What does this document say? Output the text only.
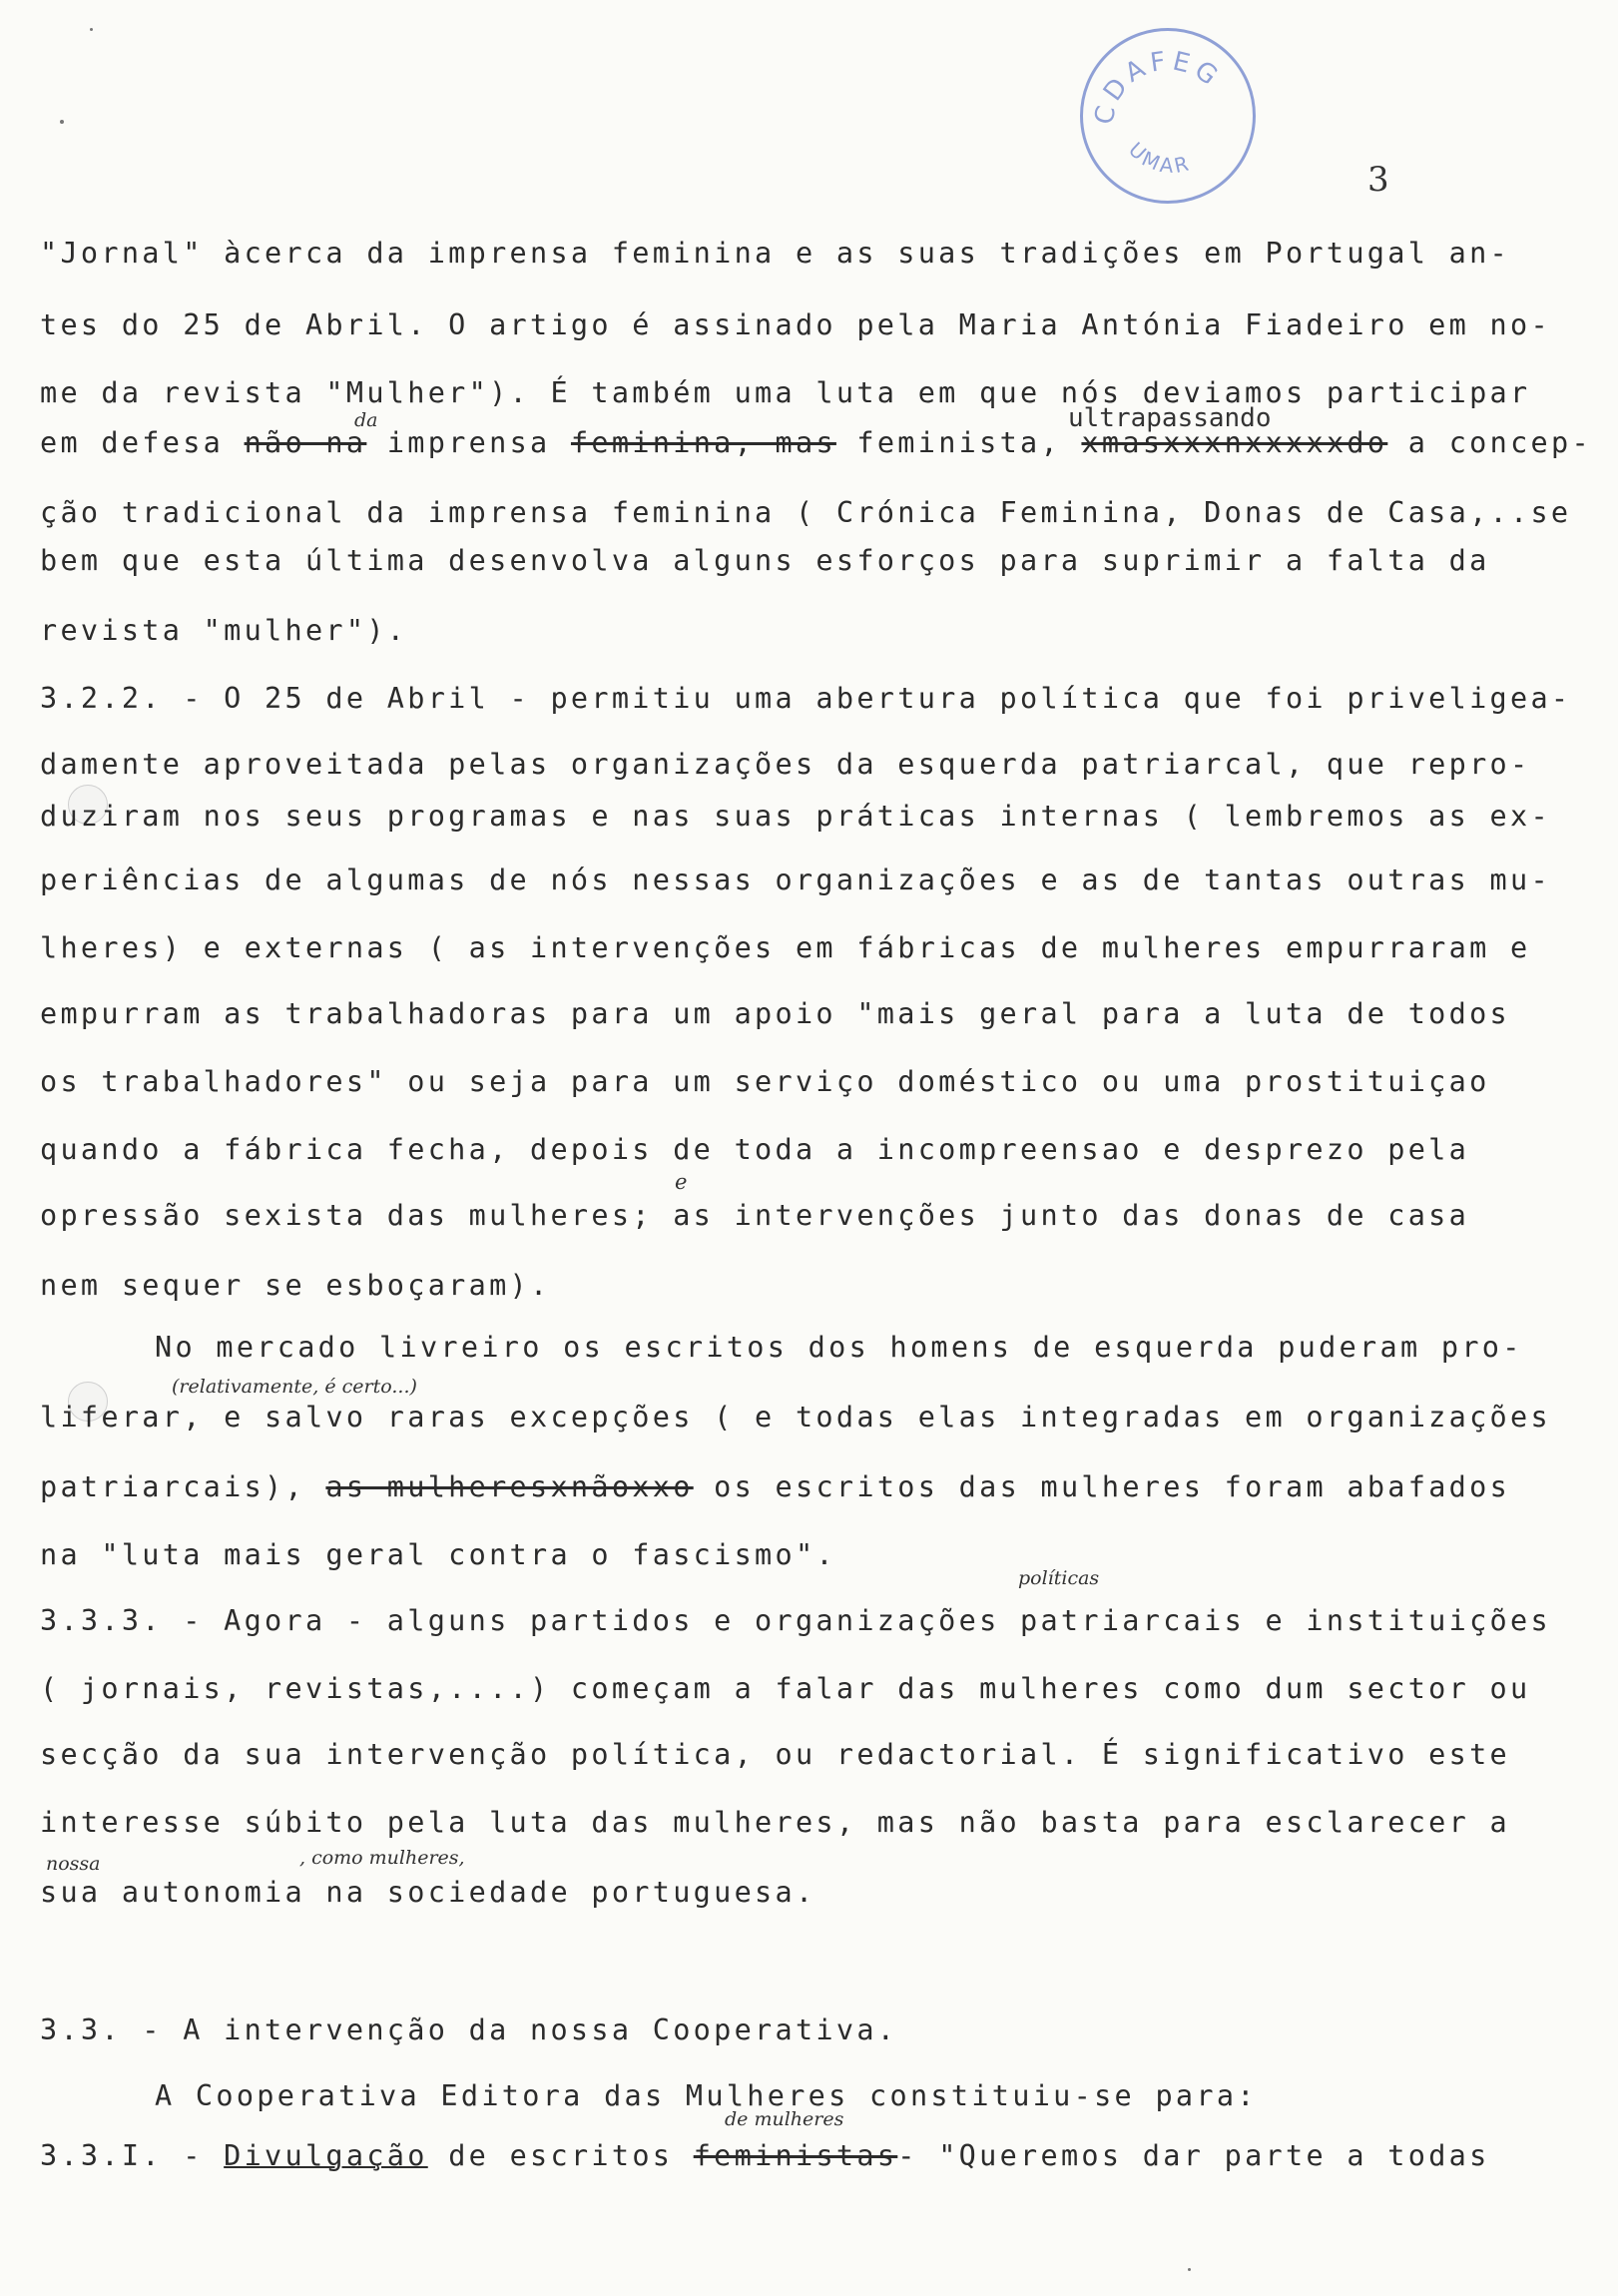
CDAFEG
UMAR	3
"Jornal" àcerca da imprensa feminina e as suas tradições em Portugal an-
tes do 25 de Abril. O artigo é assinado pela Maria Antónia Fiadeiro em no-
me da revista "Mulher"). É também uma luta em que nós deviamos participar
ultrapassando
da
em defesa não na imprensa feminina, mas feminista, xmasxxxnxxxxxdo a concep-
ção tradicional da imprensa feminina ( Crónica Feminina, Donas de Casa,..se
bem que esta última desenvolva alguns esforços para suprimir a falta da
revista "mulher").
3.2.2. - O 25 de Abril - permitiu uma abertura política que foi priveligea-
damente aproveitada pelas organizações da esquerda patriarcal, que repro-
duziram nos seus programas e nas suas práticas internas ( lembremos as ex-
periências de algumas de nós nessas organizações e as de tantas outras mu-
lheres) e externas ( as intervenções em fábricas de mulheres empurraram e
empurram as trabalhadoras para um apoio "mais geral para a luta de todos
os trabalhadores" ou seja para um serviço doméstico ou uma prostituiçao
quando a fábrica fecha, depois de toda a incompreensao e desprezo pela
e
opressão sexista das mulheres; as intervenções junto das donas de casa
nem sequer se esboçaram).
No mercado livreiro os escritos dos homens de esquerda puderam pro-
(relativamente, é certo...)
liferar, e salvo raras excepções ( e todas elas integradas em organizações
patriarcais), as mulheresxnãoxxo os escritos das mulheres foram abafados
na "luta mais geral contra o fascismo".
políticas
3.3.3. - Agora - alguns partidos e organizações patriarcais e instituições
( jornais, revistas,....) começam a falar das mulheres como dum sector ou
secção da sua intervenção política, ou redactorial. É significativo este
interesse súbito pela luta das mulheres, mas não basta para esclarecer a
nossa	, como mulheres,
sua autonomia na sociedade portuguesa.
3.3. - A intervenção da nossa Cooperativa.
A Cooperativa Editora das Mulheres constituiu-se para:
de mulheres
3.3.I. - Divulgação de escritos feministas- "Queremos dar parte a todas
